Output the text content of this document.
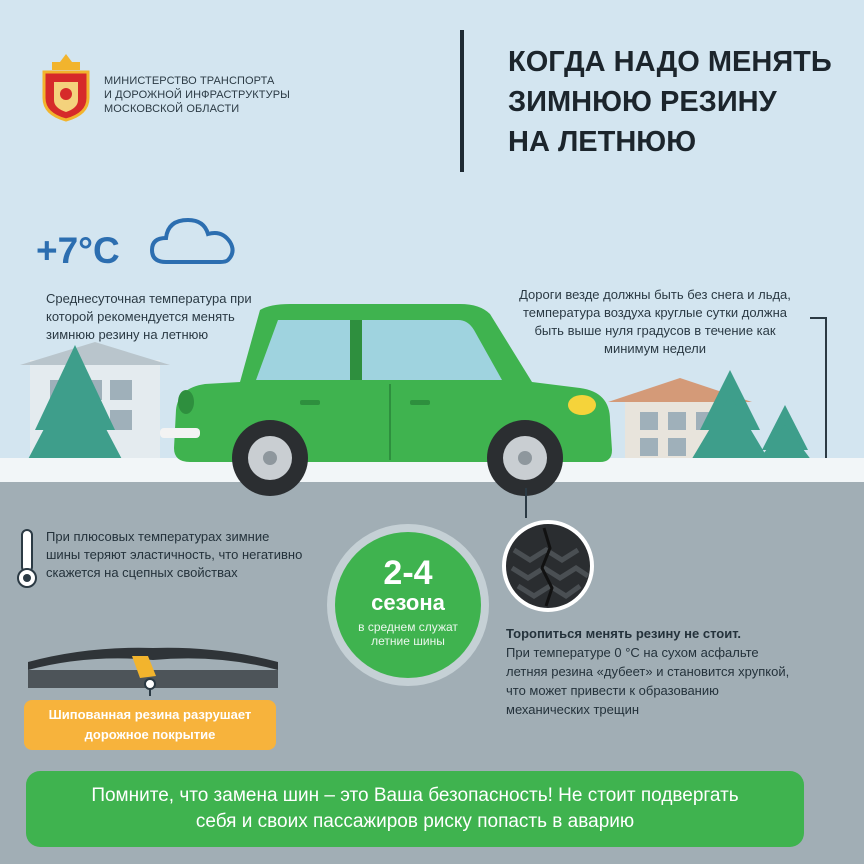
МИНИСТЕРСТВО ТРАНСПОРТА
И ДОРОЖНОЙ ИНФРАСТРУКТУРЫ
МОСКОВСКОЙ ОБЛАСТИ
КОГДА НАДО МЕНЯТЬ
ЗИМНЮЮ РЕЗИНУ
НА ЛЕТНЮЮ
+7°C
Среднесуточная температура при
которой рекомендуется менять
зимнюю резину на летнюю
Дороги везде должны быть без снега и льда,
температура воздуха круглые сутки должна
быть выше нуля градусов в течение как
минимум недели
При плюсовых температурах зимние
шины теряют эластичность, что негативно
скажется на сцепных свойствах
Шипованная резина разрушает
дорожное покрытие
2-4
сезона
в среднем служат
летние шины	Торопиться менять резину не стоит.
При температуре 0 °С на сухом асфальте
летняя резина «дубеет» и становится хрупкой,
что может привести к образованию
механических трещин
Помните, что замена шин – это Ваша безопасность! Не стоит подвергать
себя и своих пассажиров риску попасть в аварию
